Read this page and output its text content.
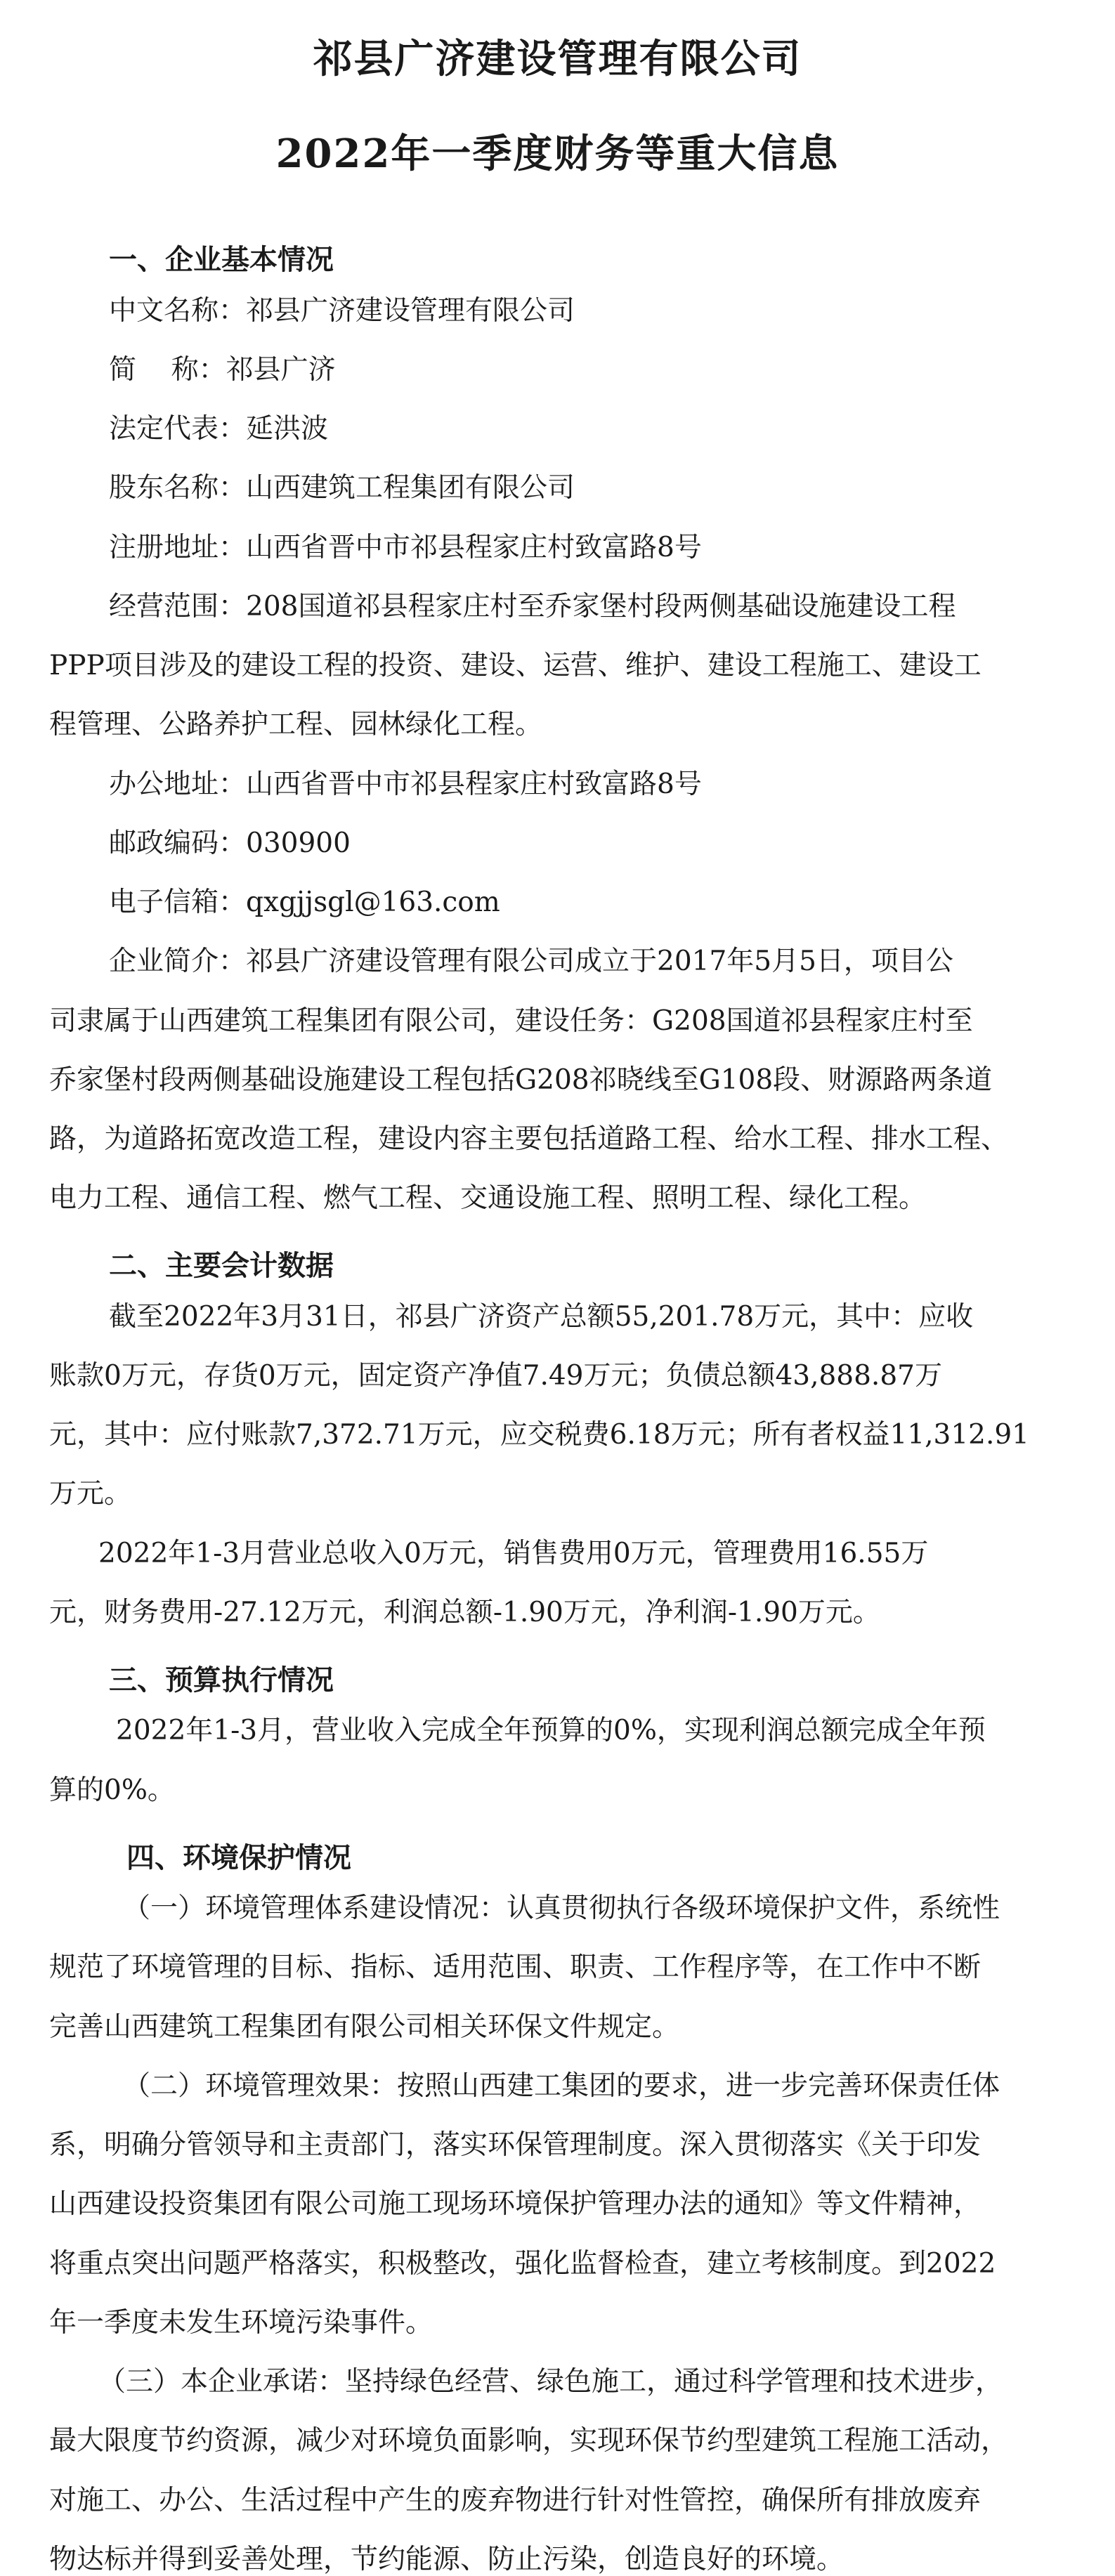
祁县广济建设管理有限公司
2022年一季度财务等重大信息
一、企业基本情况
中文名称：祁县广济建设管理有限公司
简    称：祁县广济
法定代表：延洪波
股东名称：山西建筑工程集团有限公司
注册地址：山西省晋中市祁县程家庄村致富路8号
经营范围：208国道祁县程家庄村至乔家堡村段两侧基础设施建设工程
PPP项目涉及的建设工程的投资、建设、运营、维护、建设工程施工、建设工
程管理、公路养护工程、园林绿化工程。
办公地址：山西省晋中市祁县程家庄村致富路8号
邮政编码：030900
电子信箱：qxgjjsgl@163.com
企业简介：祁县广济建设管理有限公司成立于2017年5月5日，项目公
司隶属于山西建筑工程集团有限公司，建设任务：G208国道祁县程家庄村至
乔家堡村段两侧基础设施建设工程包括G208祁晓线至G108段、财源路两条道
路，为道路拓宽改造工程，建设内容主要包括道路工程、给水工程、排水工程、
电力工程、通信工程、燃气工程、交通设施工程、照明工程、绿化工程。
二、主要会计数据
截至2022年3月31日，祁县广济资产总额55,201.78万元，其中：应收
账款0万元，存货0万元，固定资产净值7.49万元；负债总额43,888.87万
元，其中：应付账款7,372.71万元，应交税费6.18万元；所有者权益11,312.91
万元。
2022年1-3月营业总收入0万元，销售费用0万元，管理费用16.55万
元，财务费用-27.12万元，利润总额-1.90万元，净利润-1.90万元。
三、预算执行情况
2022年1-3月，营业收入完成全年预算的0%，实现利润总额完成全年预
算的0%。
四、环境保护情况
（一）环境管理体系建设情况：认真贯彻执行各级环境保护文件，系统性
规范了环境管理的目标、指标、适用范围、职责、工作程序等，在工作中不断
完善山西建筑工程集团有限公司相关环保文件规定。
（二）环境管理效果：按照山西建工集团的要求，进一步完善环保责任体
系，明确分管领导和主责部门，落实环保管理制度。深入贯彻落实《关于印发
山西建设投资集团有限公司施工现场环境保护管理办法的通知》等文件精神，
将重点突出问题严格落实，积极整改，强化监督检查，建立考核制度。到2022
年一季度未发生环境污染事件。
（三）本企业承诺：坚持绿色经营、绿色施工，通过科学管理和技术进步，
最大限度节约资源，减少对环境负面影响，实现环保节约型建筑工程施工活动，
对施工、办公、生活过程中产生的废弃物进行针对性管控，确保所有排放废弃
物达标并得到妥善处理，节约能源、防止污染，创造良好的环境。
